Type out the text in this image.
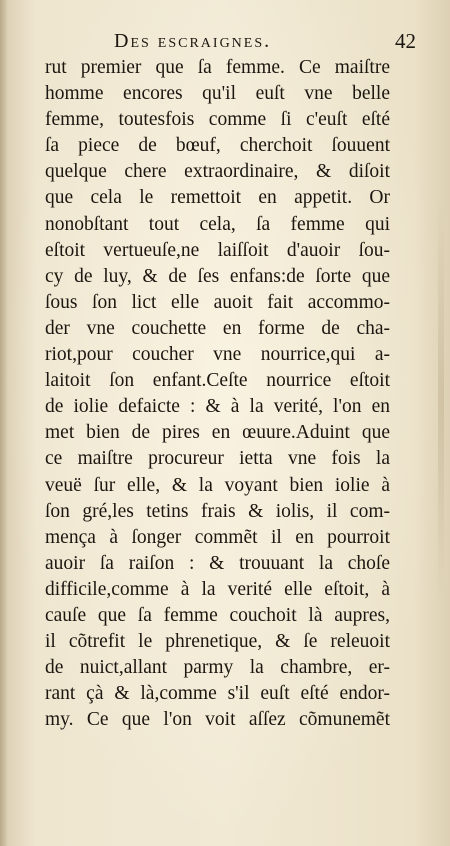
Des escraignes.	42
rut premier que ſa femme. Ce maiſtre
homme encores qu'il euſt vne belle
femme, toutesfois comme ſi c'euſt eſté
ſa piece de bœuf, cherchoit ſouuent
quelque chere extraordinaire, & diſoit
que cela le remettoit en appetit. Or
nonobſtant tout cela, ſa femme qui
eſtoit vertueuſe,ne laiſſoit d'auoir ſou-
cy de luy, & de ſes enfans:de ſorte que
ſous ſon lict elle auoit fait accommo-
der vne couchette en forme de cha-
riot,pour coucher vne nourrice,qui a-
laitoit ſon enfant.Ceſte nourrice eſtoit
de iolie defaicte : & à la verité, l'on en
met bien de pires en œuure.Aduint que
ce maiſtre procureur ietta vne fois la
veuë ſur elle, & la voyant bien iolie à
ſon gré,les tetins frais & iolis, il com-
mença à ſonger commẽt il en pourroit
auoir ſa raiſon : & trouuant la choſe
difficile,comme à la verité elle eſtoit, à
cauſe que ſa femme couchoit là aupres,
il cõtrefit le phrenetique, & ſe releuoit
de nuict,allant parmy la chambre, er-
rant çà & là,comme s'il euſt eſté endor-
my. Ce que l'on voit aſſez cõmunemẽt
